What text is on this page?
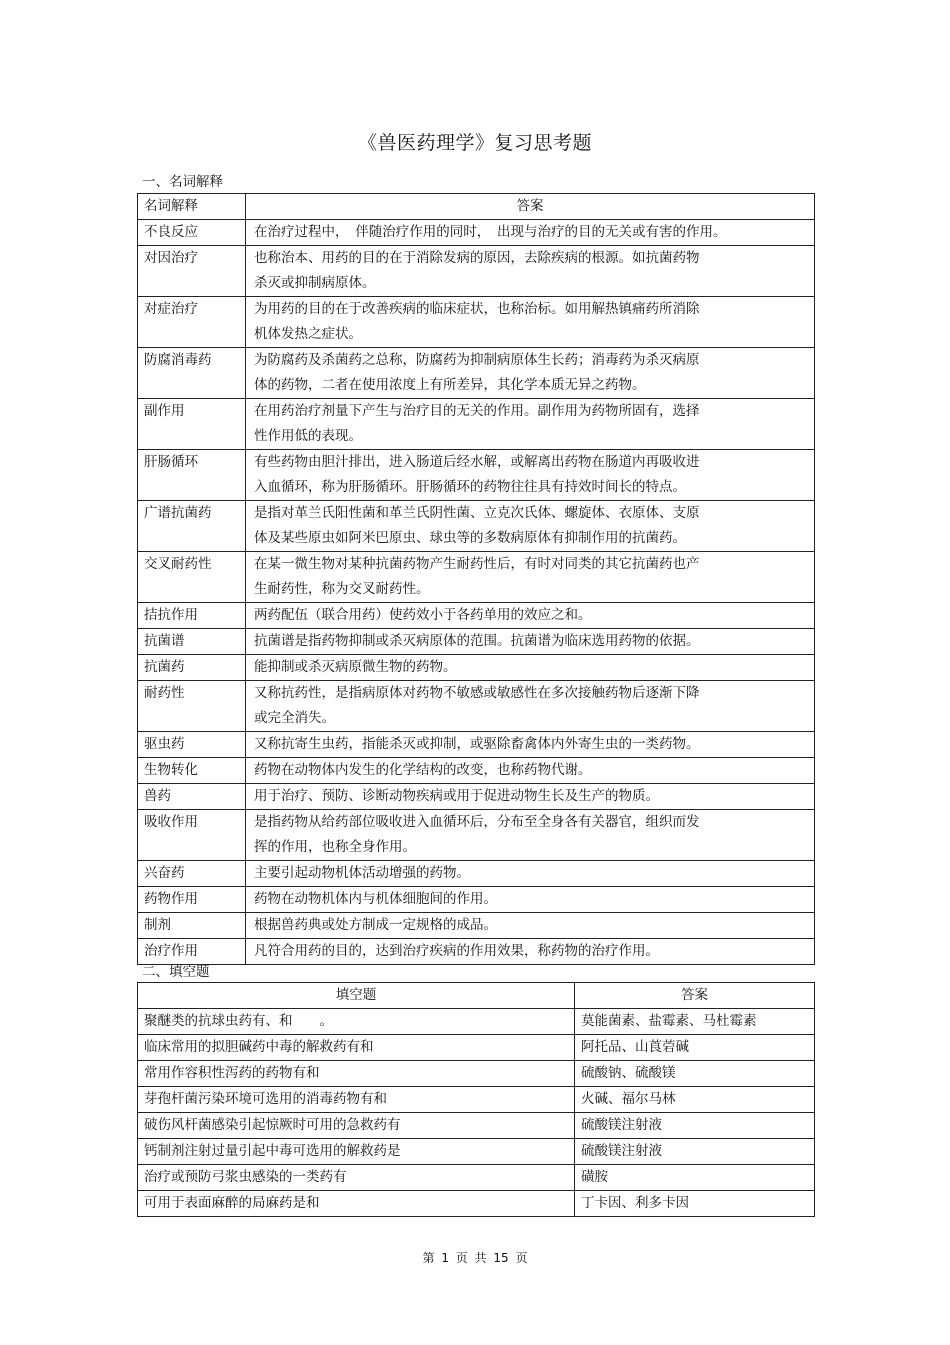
《兽医药理学》复习思考题
一、名词解释
名词解释	答案
不良反应	在治疗过程中，　伴随治疗作用的同时，　出现与治疗的目的无关或有害的作用。

对因治疗	也称治本、用药的目的在于消除发病的原因，去除疾病的根源。如抗菌药物
杀灭或抑制病原体。

对症治疗	为用药的目的在于改善疾病的临床症状，也称治标。如用解热镇痛药所消除
机体发热之症状。

防腐消毒药	为防腐药及杀菌药之总称，防腐药为抑制病原体生长药；消毒药为杀灭病原
体的药物，二者在使用浓度上有所差异，其化学本质无异之药物。

副作用	在用药治疗剂量下产生与治疗目的无关的作用。副作用为药物所固有，选择
性作用低的表现。

肝肠循环	有些药物由胆汁排出，进入肠道后经水解，或解离出药物在肠道内再吸收进
入血循环，称为肝肠循环。肝肠循环的药物往往具有持效时间长的特点。

广谱抗菌药	是指对革兰氏阳性菌和革兰氏阴性菌、立克次氏体、螺旋体、衣原体、支原
体及某些原虫如阿米巴原虫、球虫等的多数病原体有抑制作用的抗菌药。

交叉耐药性	在某一微生物对某种抗菌药物产生耐药性后，有时对同类的其它抗菌药也产
生耐药性，称为交叉耐药性。

拮抗作用	两药配伍（联合用药）使药效小于各药单用的效应之和。

抗菌谱	抗菌谱是指药物抑制或杀灭病原体的范围。抗菌谱为临床选用药物的依据。

抗菌药	能抑制或杀灭病原微生物的药物。

耐药性	又称抗药性，是指病原体对药物不敏感或敏感性在多次接触药物后逐渐下降
或完全消失。

驱虫药	又称抗寄生虫药，指能杀灭或抑制，或驱除畜禽体内外寄生虫的一类药物。

生物转化	药物在动物体内发生的化学结构的改变，也称药物代谢。

兽药	用于治疗、预防、诊断动物疾病或用于促进动物生长及生产的物质。

吸收作用	是指药物从给药部位吸收进入血循环后，分布至全身各有关器官，组织而发
挥的作用，也称全身作用。

兴奋药	主要引起动物机体活动增强的药物。

药物作用	药物在动物机体内与机体细胞间的作用。

制剂	根据兽药典或处方制成一定规格的成品。

治疗作用	凡符合用药的目的，达到治疗疾病的作用效果，称药物的治疗作用。
二、填空题
填空题	答案
聚醚类的抗球虫药有、和　　。	莫能菌素、盐霉素、马杜霉素
临床常用的拟胆碱药中毒的解救药有和	阿托品、山莨菪碱
常用作容积性泻药的药物有和	硫酸钠、硫酸镁
芽孢杆菌污染环境可选用的消毒药物有和	火碱、福尔马林
破伤风杆菌感染引起惊厥时可用的急救药有	硫酸镁注射液
钙制剂注射过量引起中毒可选用的解救药是	硫酸镁注射液
治疗或预防弓浆虫感染的一类药有	磺胺
可用于表面麻醉的局麻药是和	丁卡因、利多卡因
第 1 页 共 15 页
